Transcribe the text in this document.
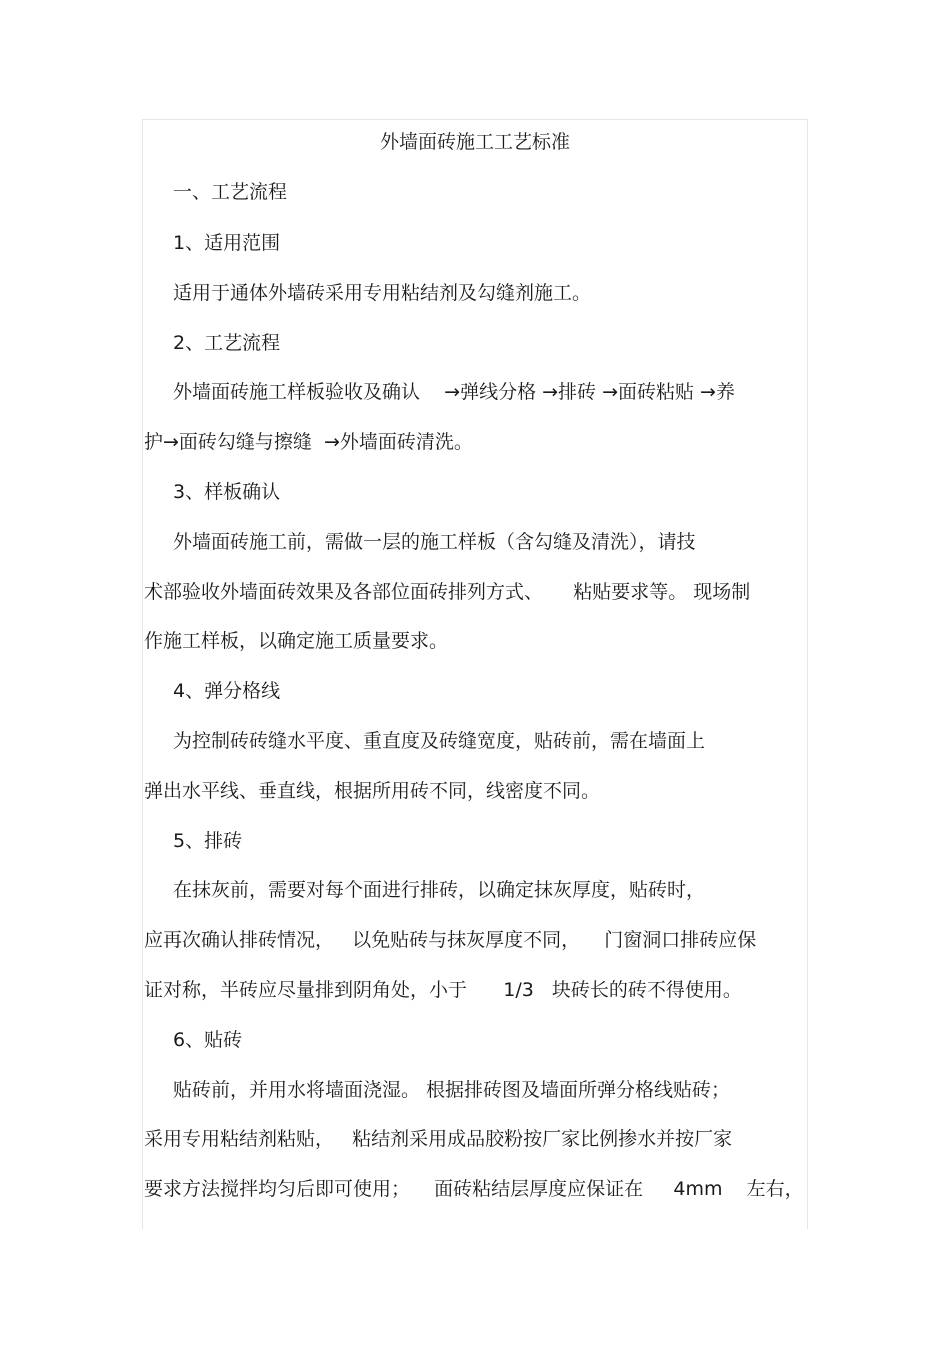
外墙面砖施工工艺标准
一、工艺流程
1、适用范围
适用于通体外墙砖采用专用粘结剂及勾缝剂施工。
2、工艺流程
外墙面砖施工样板验收及确认    →弹线分格 →排砖 →面砖粘贴 →养
护→面砖勾缝与擦缝  →外墙面砖清洗。
3、样板确认
外墙面砖施工前，需做一层的施工样板（含勾缝及清洗），请技
术部验收外墙面砖效果及各部位面砖排列方式、     粘贴要求等。 现场制
作施工样板，以确定施工质量要求。
4、弹分格线
为控制砖砖缝水平度、重直度及砖缝宽度，贴砖前，需在墙面上
弹出水平线、垂直线，根据所用砖不同，线密度不同。
5、排砖
在抹灰前，需要对每个面进行排砖，以确定抹灰厚度，贴砖时，
应再次确认排砖情况，   以免贴砖与抹灰厚度不同，    门窗洞口排砖应保
证对称，半砖应尽量排到阴角处，小于      1/3   块砖长的砖不得使用。
6、贴砖
贴砖前，并用水将墙面浇湿。 根据排砖图及墙面所弹分格线贴砖；
采用专用粘结剂粘贴，   粘结剂采用成品胶粉按厂家比例掺水并按厂家
要求方法搅拌均匀后即可使用；    面砖粘结层厚度应保证在     4mm    左右，
